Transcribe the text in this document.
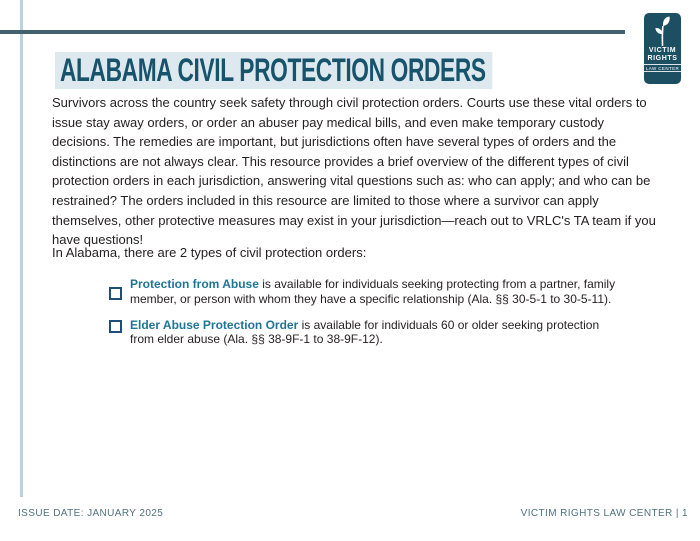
VICTIM
RIGHTS
LAW CENTER
ALABAMA CIVIL PROTECTION ORDERS

Survivors across the country seek safety through civil protection orders. Courts use these vital orders to issue stay away orders, or order an abuser pay medical bills, and even make temporary custody decisions. The remedies are important, but jurisdictions often have several types of orders and the distinctions are not always clear. This resource provides a brief overview of the different types of civil protection orders in each jurisdiction, answering vital questions such as: who can apply; and who can be restrained? The orders included in this resource are limited to those where a survivor can apply themselves, other protective measures may exist in your jurisdiction—reach out to VRLC's TA team if you have questions!

In Alabama, there are 2 types of civil protection orders:

Protection from Abuse is available for individuals seeking protecting from a partner, family member, or person with whom they have a specific relationship (Ala. §§ 30-5-1 to 30-5-11).

Elder Abuse Protection Order is available for individuals 60 or older seeking protection from elder abuse (Ala. §§ 38-9F-1 to 38-9F-12).

ISSUE DATE: JANUARY 2025	VICTIM RIGHTS LAW CENTER | 1
